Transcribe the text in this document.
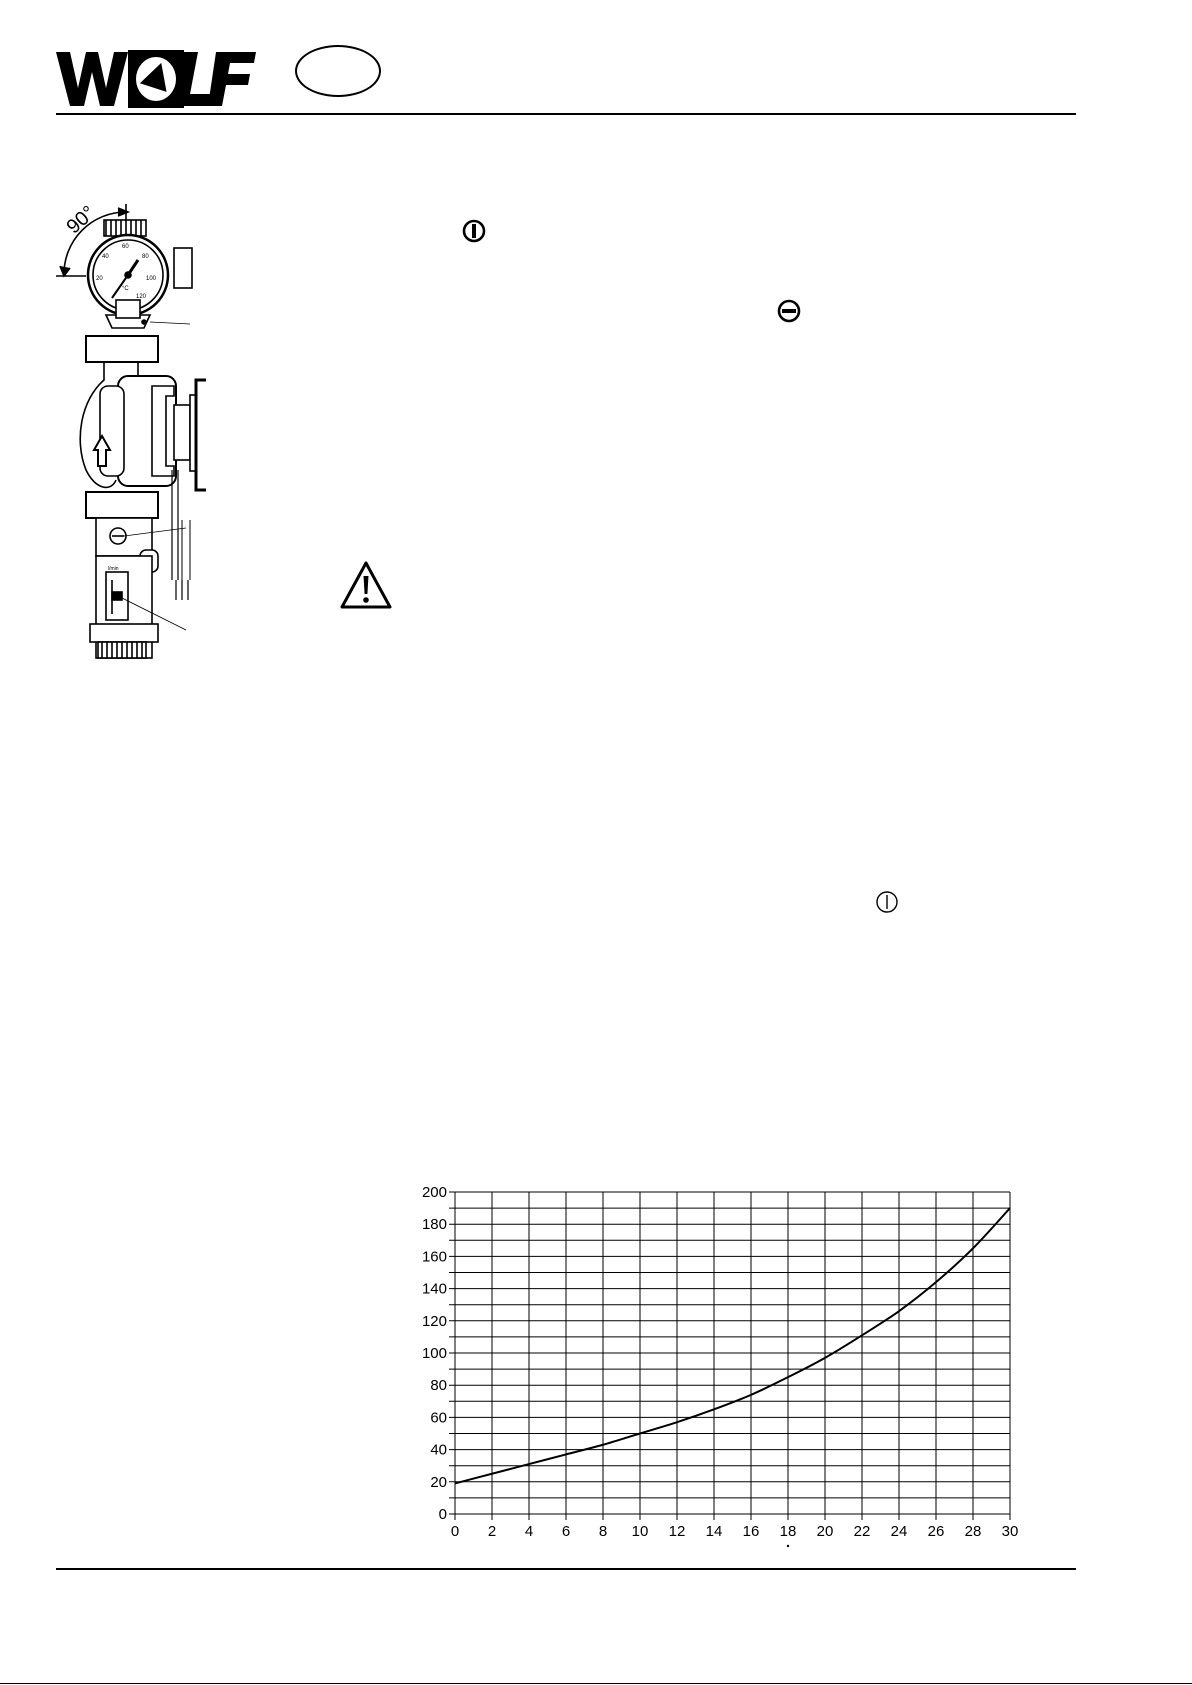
WOLF
90°
20
40
60
80
100
120
°C
l/min
0 2 4 6 8 10 12 14 16 18 20 22 24 26 28 30
0
20
40
60
80
100
120
140
160
180
200
